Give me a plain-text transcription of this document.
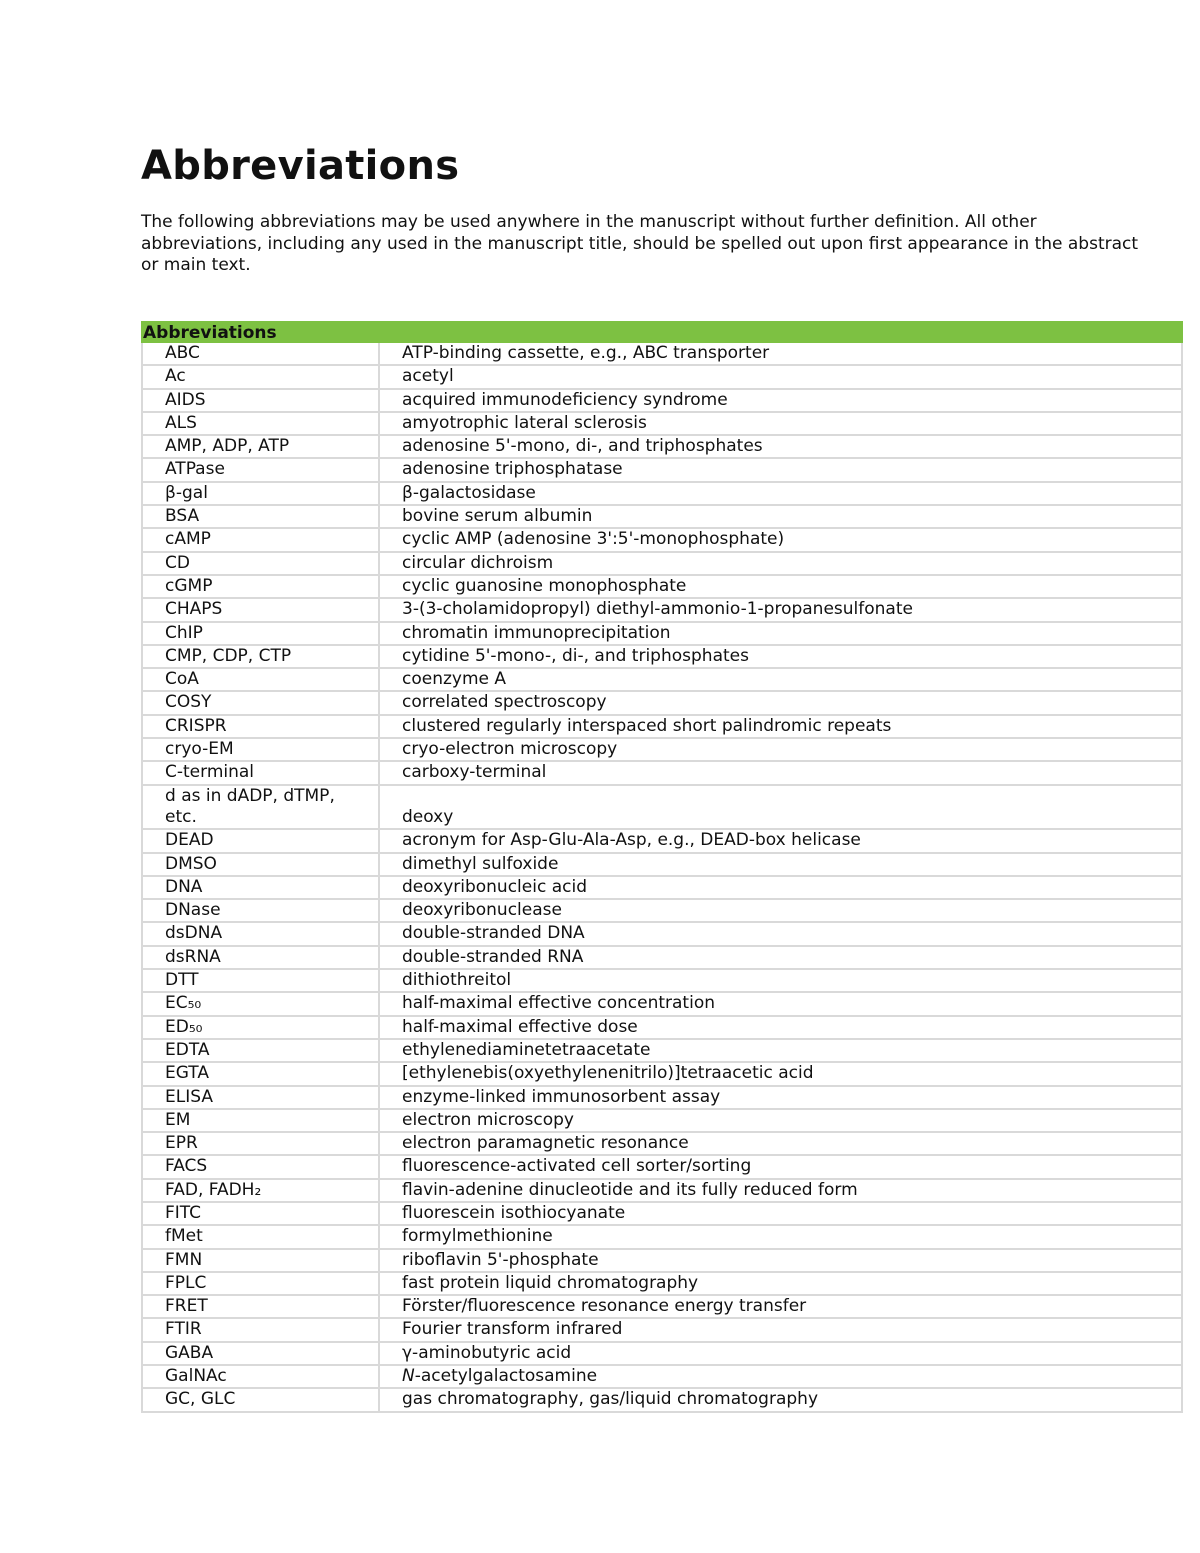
Abbreviations

The following abbreviations may be used anywhere in the manuscript without further definition. All other abbreviations, including any used in the manuscript title, should be spelled out upon first appearance in the abstract or main text.

Abbreviations
ABC	ATP-binding cassette, e.g., ABC transporter
Ac	acetyl
AIDS	acquired immunodeficiency syndrome
ALS	amyotrophic lateral sclerosis
AMP, ADP, ATP	adenosine 5'-mono, di-, and triphosphates
ATPase	adenosine triphosphatase
β-gal	β-galactosidase
BSA	bovine serum albumin
cAMP	cyclic AMP (adenosine 3':5'-monophosphate)
CD	circular dichroism
cGMP	cyclic guanosine monophosphate
CHAPS	3-(3-cholamidopropyl) diethyl-ammonio-1-propanesulfonate
ChIP	chromatin immunoprecipitation
CMP, CDP, CTP	cytidine 5'-mono-, di-, and triphosphates
CoA	coenzyme A
COSY	correlated spectroscopy
CRISPR	clustered regularly interspaced short palindromic repeats
cryo-EM	cryo-electron microscopy
C-terminal	carboxy-terminal
d as in dADP, dTMP, etc.	deoxy
DEAD	acronym for Asp-Glu-Ala-Asp, e.g., DEAD-box helicase
DMSO	dimethyl sulfoxide
DNA	deoxyribonucleic acid
DNase	deoxyribonuclease
dsDNA	double-stranded DNA
dsRNA	double-stranded RNA
DTT	dithiothreitol
EC₅₀	half-maximal effective concentration
ED₅₀	half-maximal effective dose
EDTA	ethylenediaminetetraacetate
EGTA	[ethylenebis(oxyethylenenitrilo)]tetraacetic acid
ELISA	enzyme-linked immunosorbent assay
EM	electron microscopy
EPR	electron paramagnetic resonance
FACS	fluorescence-activated cell sorter/sorting
FAD, FADH₂	flavin-adenine dinucleotide and its fully reduced form
FITC	fluorescein isothiocyanate
fMet	formylmethionine
FMN	riboflavin 5'-phosphate
FPLC	fast protein liquid chromatography
FRET	Förster/fluorescence resonance energy transfer
FTIR	Fourier transform infrared
GABA	γ-aminobutyric acid
GalNAc	N-acetylgalactosamine
GC, GLC	gas chromatography, gas/liquid chromatography
